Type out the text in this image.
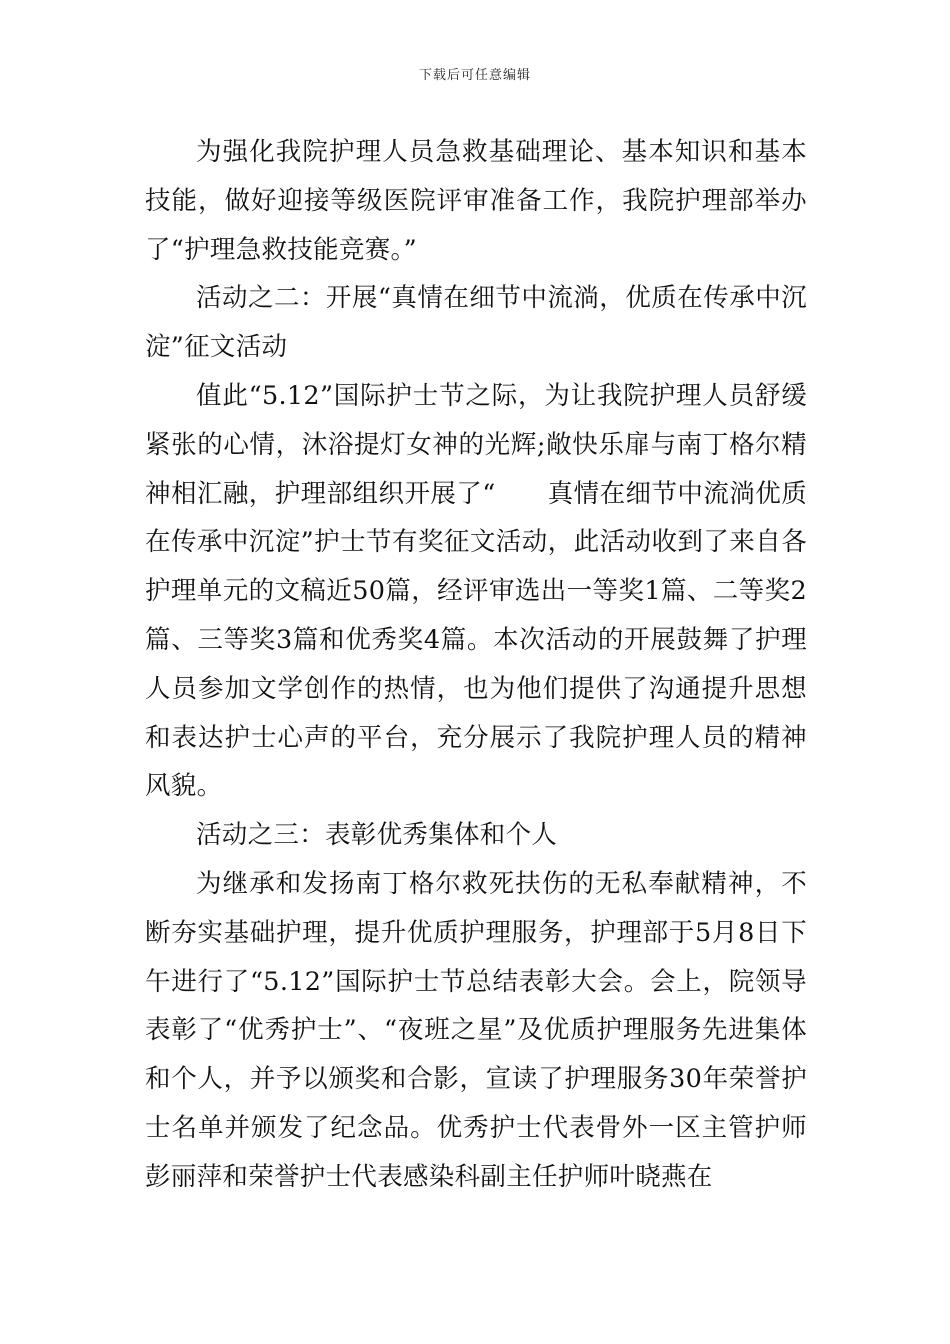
下载后可任意编辑

为强化我院护理人员急救基础理论、基本知识和基本技能，做好迎接等级医院评审准备工作，我院护理部举办了“护理急救技能竞赛。”

活动之二：开展“真情在细节中流淌，优质在传承中沉淀”征文活动

值此“5.12”国际护士节之际，为让我院护理人员舒缓紧张的心情，沐浴提灯女神的光辉;敞快乐扉与南丁格尔精神相汇融，护理部组织开展了“　　真情在细节中流淌优质在传承中沉淀”护士节有奖征文活动，此活动收到了来自各护理单元的文稿近50篇，经评审选出一等奖1篇、二等奖2篇、三等奖3篇和优秀奖4篇。本次活动的开展鼓舞了护理人员参加文学创作的热情，也为他们提供了沟通提升思想和表达护士心声的平台，充分展示了我院护理人员的精神风貌。

活动之三：表彰优秀集体和个人

为继承和发扬南丁格尔救死扶伤的无私奉献精神，不断夯实基础护理，提升优质护理服务，护理部于5月8日下午进行了“5.12”国际护士节总结表彰大会。会上，院领导表彰了“优秀护士”、“夜班之星”及优质护理服务先进集体和个人，并予以颁奖和合影，宣读了护理服务30年荣誉护士名单并颁发了纪念品。优秀护士代表骨外一区主管护师彭丽萍和荣誉护士代表感染科副主任护师叶晓燕在
